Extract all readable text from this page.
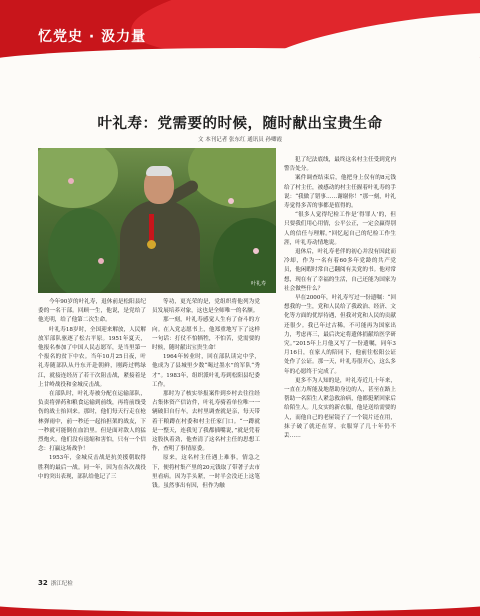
忆党史 · 汲力量
叶礼寿：党需要的时候，随时献出宝贵生命
文 本刊记者 张东红 通讯员 孙卿霞
叶礼寿

今年90岁的叶礼寿，退休前是松阳县纪委的一名干部。回顾一生，他说，是党给了他光明，给了他第二次生命。

叶礼寿18岁时，全国迎来解放，人民解放军部队驱逐了松古平原。1951年夏天，他报名参加了中国人民志愿军，是当里第一个报名的贫下中农。当年10月25日夜，叶礼寿随部队从丹东开赴朝鲜，刚跨过鸭绿江，就接连经历了若干次阻击战，紧接着是上甘岭战役和金城反击战。

在部队时，叶礼寿被分配在运输部队，负责将弹药和粮食运输到前线，再将前线受伤的战士抬回来。那时，他们每天行走在枪林弹雨中，前一秒还一起抬担架的战友，下一秒就可能倒在血泊里。但是面对敌人的猛烈炮火，他们没有退缩和害怕，只有一个信念：打赢这场战争！

1953年，金城反击战是抗美援朝取得胜利的最后一战。同一年，因为在各次战役中的突出表现，部队给他记了三

等功，更光荣的是，党组织将他列为党员发展培养对象，这也是全师唯一的名额。

那一刻，叶礼寿感觉人生有了奋斗的方向。在入党志愿书上，他郑重地写下了这样一句话：打仗不怕牺牲，不怕苦，党需要的时候，随时献出宝贵生命！

1964年转业时，回在部队读完中学，他成为了县城里少数“喝过墨水”的军队“秀才”。1983年，组织派叶礼寿到松阳县纪委工作。

那时为了核实举报案件到乡村去往往经占集体资产信访件，叶礼寿骑着单位唯一一辆破旧自行车，去村里调查就是亲，每天带着干粮蹲在村委和村主任家门口。“一蹲就是一整天，连我见了我都插嘴说，”就是凭着这股执着劲，他查清了这名村主任的思想工作，查明了事情原委。

原来，这名村主任遇上难事，情急之下，便将村集产里的20元钱取了带著子去市里看病。因为手头紧，一时半会没还上这笔钱。虽然事出有因，但作为触

犯了纪法底线，最终这名村主任受到党内警告处分。

案件调查结束后，他把身上仅有的8元钱给了村主任，被感动的村主任握着叶礼寿的手说：“我做了错事……谢谢你！”那一刻，叶礼寿觉得多苦的事都是值得的。

“很多人觉得纪检工作是‘得罪人’的，但只要我们用心用情，公平公正，一定会赢得别人的信任与理解。”回忆起自己的纪检工作生涯，叶礼寿动情地说。

退休后，叶礼寿老伴的初心并没有因此而冷却，作为一名有着60多年党龄的共产党员，他闲暇时常自己翻阅有关党的书。他对常想，现在有了幸福的生活，自己还能为国家为社会做些什么？

早在2000年，叶礼寿写过一份遗嘱：“回想我的一生，党和人民给了我政治、经济、文化等方面的优厚待遇，但我对党和人民的贡献还很少。我已年过古稀，不可能再为国家出力，考虑再三，最后决定将遗体捐献给医学研究。”2015年上月他又写了一份遗嘱，同年3月16日，在家人的陪同下，他前往松阳公证处作了公证。那一天，叶礼寿很开心，这么多年的心愿终于完成了。

更多不为人知的是，叶礼寿近几十年来，一直在力所能及地帮助身边的人，甚至在路上帮助一名陌生人紧急救治病，他都挺紧回家后给陌生人。几女实的新衣服，他是送给需要的人，而他自己的老屋镜子了一个镜片还在用，抹子破了就还在穿，衣服穿了几十年仍不丢……

32 浙江纪检
